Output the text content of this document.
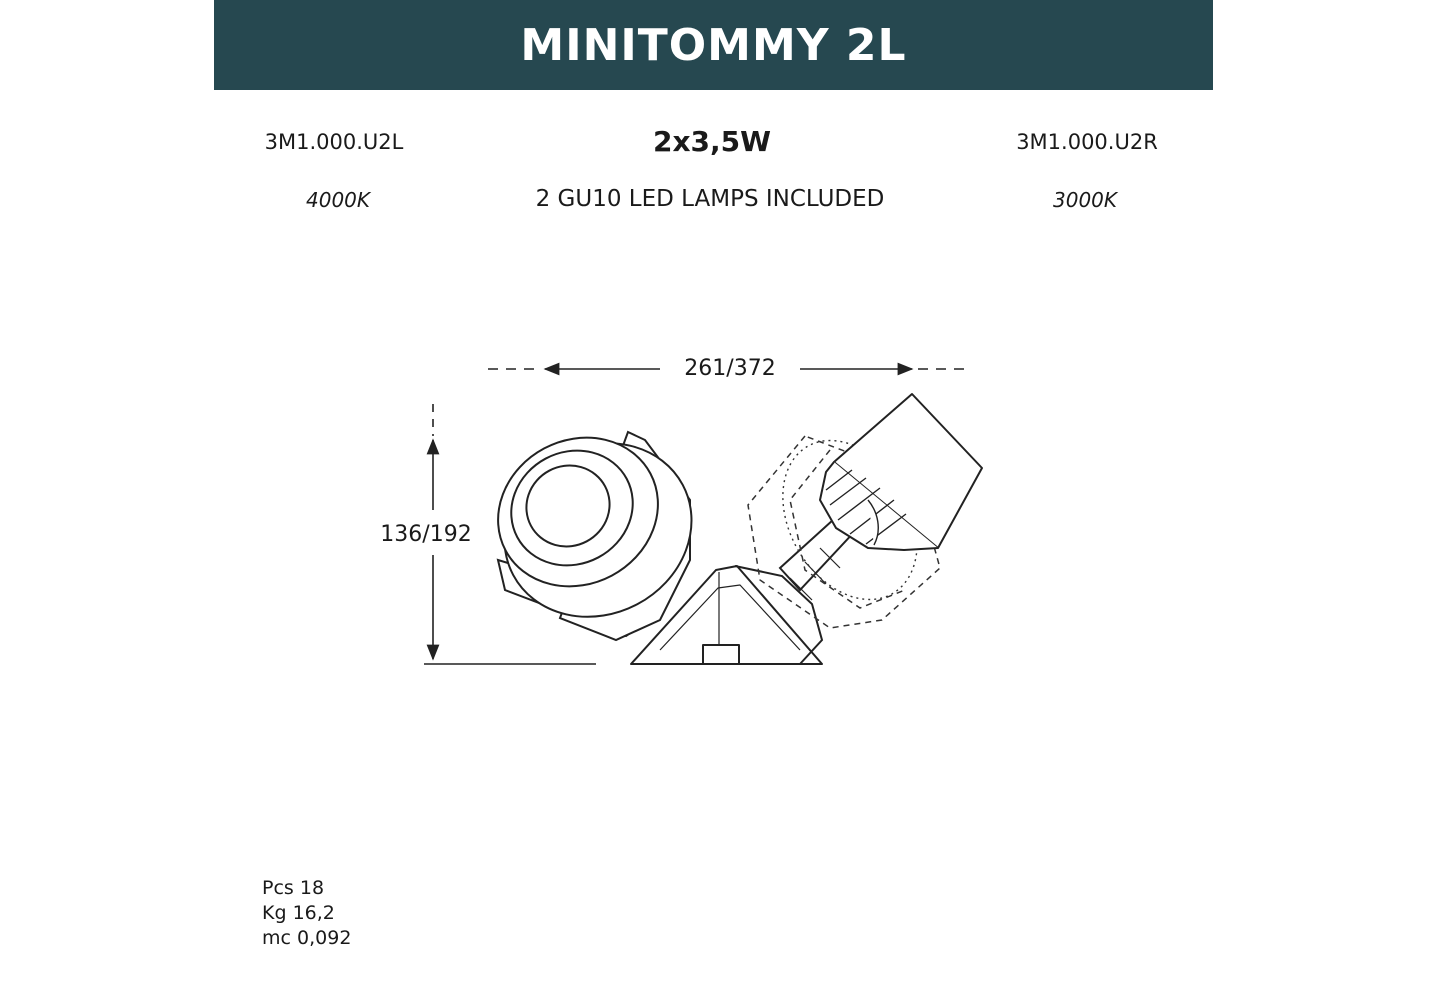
MINITOMMY 2L
3M1.000.U2L	2x3,5W	3M1.000.U2R
4000K	2 GU10 LED LAMPS INCLUDED	3000K
261/372
136/192
Pcs 18
Kg 16,2
mc 0,092
